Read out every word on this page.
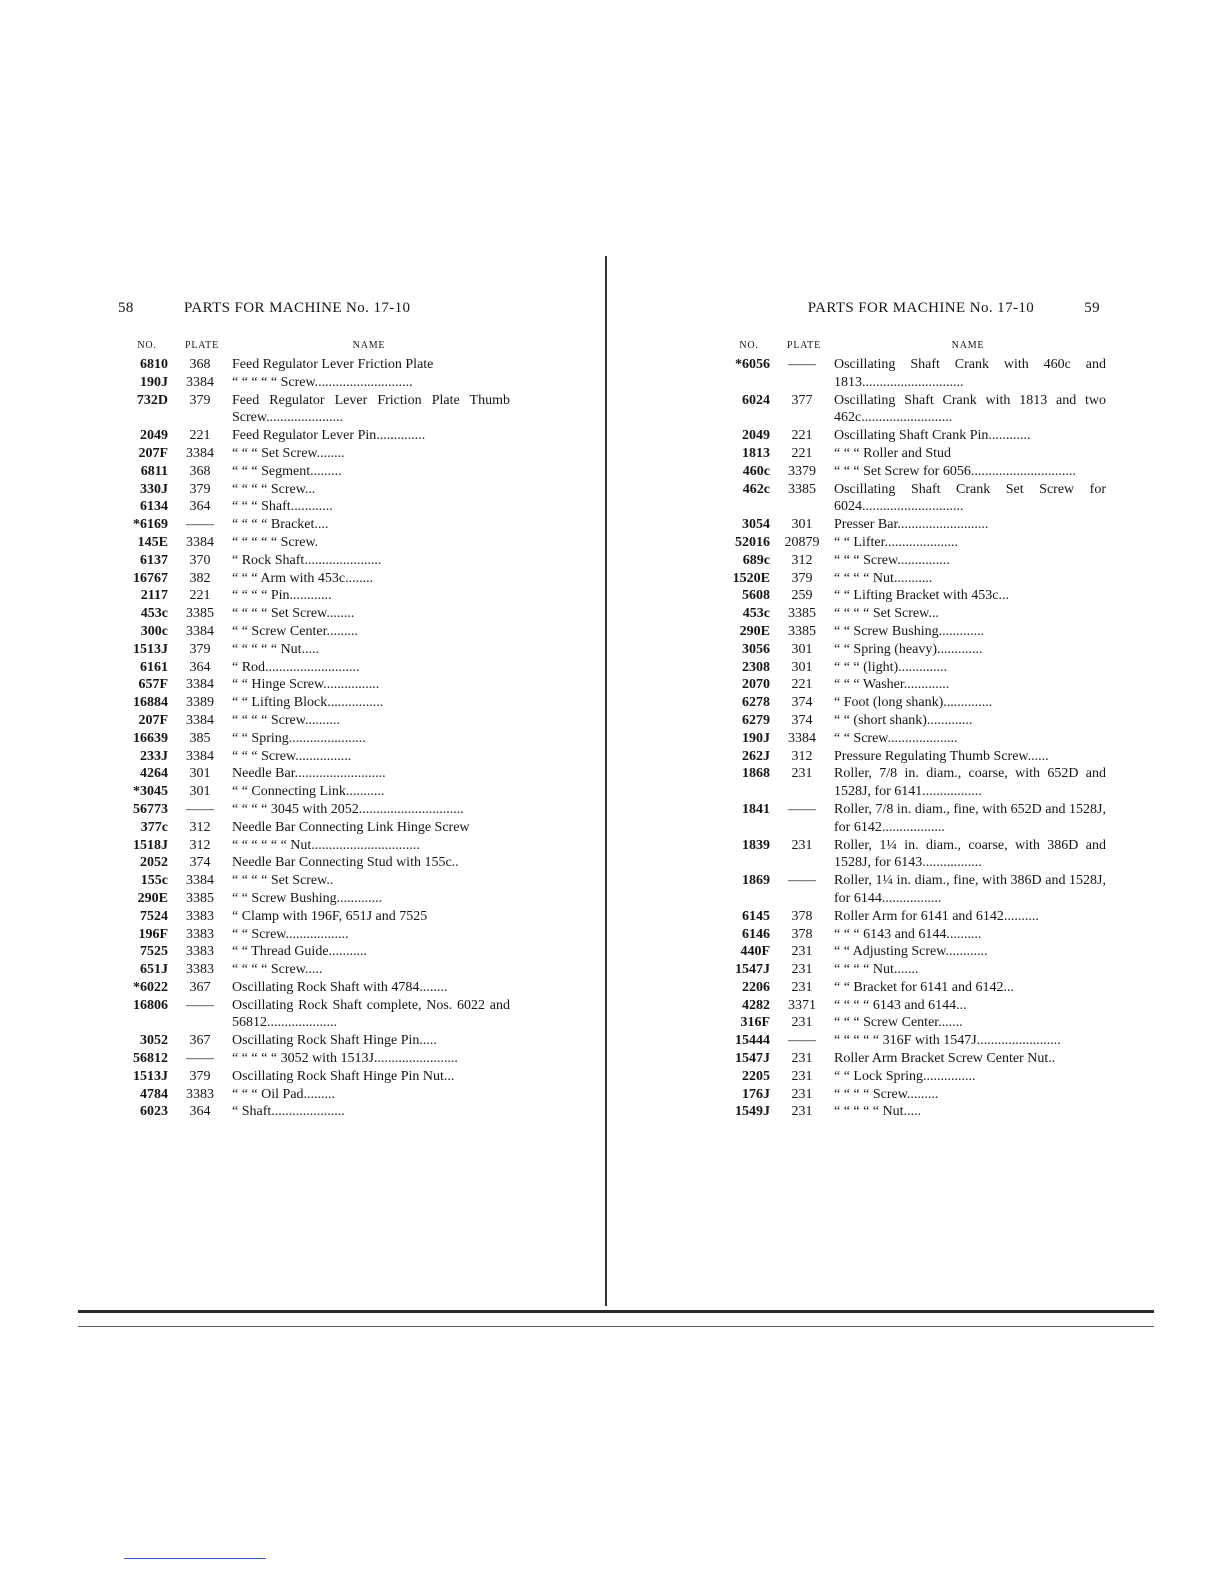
58	PARTS FOR MACHINE No. 17-10
NO.	PLATE	NAME
6810	368	Feed Regulator Lever Friction Plate
190J	3384	“ “ “ “ “ Screw............................
732D	379	Feed Regulator Lever Friction Plate Thumb Screw......................
2049	221	Feed Regulator Lever Pin..............
207F	3384	“ “ “ Set Screw........
6811	368	“ “ “ Segment.........
330J	379	“ “ “ “ Screw...
6134	364	“ “ “ Shaft............
*6169	——	“ “ “ “ Bracket....
145E	3384	“ “ “ “ “ Screw.
6137	370	“ Rock Shaft......................
16767	382	“ “ “ Arm with 453c........
2117	221	“ “ “ “ Pin............
453c	3385	“ “ “ “ Set Screw........
300c	3384	“ “ Screw Center.........
1513J	379	“ “ “ “ “ Nut.....
6161	364	“ Rod...........................
657F	3384	“ “ Hinge Screw................
16884	3389	“ “ Lifting Block................
207F	3384	“ “ “ “ Screw..........
16639	385	“ “ Spring......................
233J	3384	“ “ “ Screw................
4264	301	Needle Bar..........................
*3045	301	“ “ Connecting Link...........
56773	——	“ “ “ “ 3045 with 2052..............................
377c	312	Needle Bar Connecting Link Hinge Screw
1518J	312	“ “ “ “ “ “ Nut...............................
2052	374	Needle Bar Connecting Stud with 155c..
155c	3384	“ “ “ “ Set Screw..
290E	3385	“ “ Screw Bushing.............
7524	3383	“ Clamp with 196F, 651J and 7525
196F	3383	“ “ Screw..................
7525	3383	“ “ Thread Guide...........
651J	3383	“ “ “ “ Screw.....
*6022	367	Oscillating Rock Shaft with 4784........
16806	——	Oscillating Rock Shaft complete, Nos. 6022 and 56812....................
3052	367	Oscillating Rock Shaft Hinge Pin.....
56812	——	“ “ “ “ “ 3052 with 1513J........................
1513J	379	Oscillating Rock Shaft Hinge Pin Nut...
4784	3383	“ “ “ Oil Pad.........
6023	364	“ Shaft.....................
PARTS FOR MACHINE No. 17-10	59
NO.	PLATE	NAME
*6056	——	Oscillating Shaft Crank with 460c and 1813.............................
6024	377	Oscillating Shaft Crank with 1813 and two 462c..........................
2049	221	Oscillating Shaft Crank Pin............
1813	221	“ “ “ Roller and Stud
460c	3379	“ “ “ Set Screw for 6056..............................
462c	3385	Oscillating Shaft Crank Set Screw for 6024.............................
3054	301	Presser Bar..........................
52016	20879	“ “ Lifter.....................
689c	312	“ “ “ Screw...............
1520E	379	“ “ “ “ Nut...........
5608	259	“ “ Lifting Bracket with 453c...
453c	3385	“ “ “ “ Set Screw...
290E	3385	“ “ Screw Bushing.............
3056	301	“ “ Spring (heavy).............
2308	301	“ “ “ (light)..............
2070	221	“ “ “ Washer.............
6278	374	“ Foot (long shank)..............
6279	374	“ “ (short shank).............
190J	3384	“ “ Screw....................
262J	312	Pressure Regulating Thumb Screw......
1868	231	Roller, 7/8 in. diam., coarse, with 652D and 1528J, for 6141.................
1841	——	Roller, 7/8 in. diam., fine, with 652D and 1528J, for 6142..................
1839	231	Roller, 1¼ in. diam., coarse, with 386D and 1528J, for 6143.................
1869	——	Roller, 1¼ in. diam., fine, with 386D and 1528J, for 6144.................
6145	378	Roller Arm for 6141 and 6142..........
6146	378	“ “ “ 6143 and 6144..........
440F	231	“ “ Adjusting Screw............
1547J	231	“ “ “ “ Nut.......
2206	231	“ “ Bracket for 6141 and 6142...
4282	3371	“ “ “ “ 6143 and 6144...
316F	231	“ “ “ Screw Center.......
15444	——	“ “ “ “ “ 316F with 1547J........................
1547J	231	Roller Arm Bracket Screw Center Nut..
2205	231	“ “ Lock Spring...............
176J	231	“ “ “ “ Screw.........
1549J	231	“ “ “ “ “ Nut.....
